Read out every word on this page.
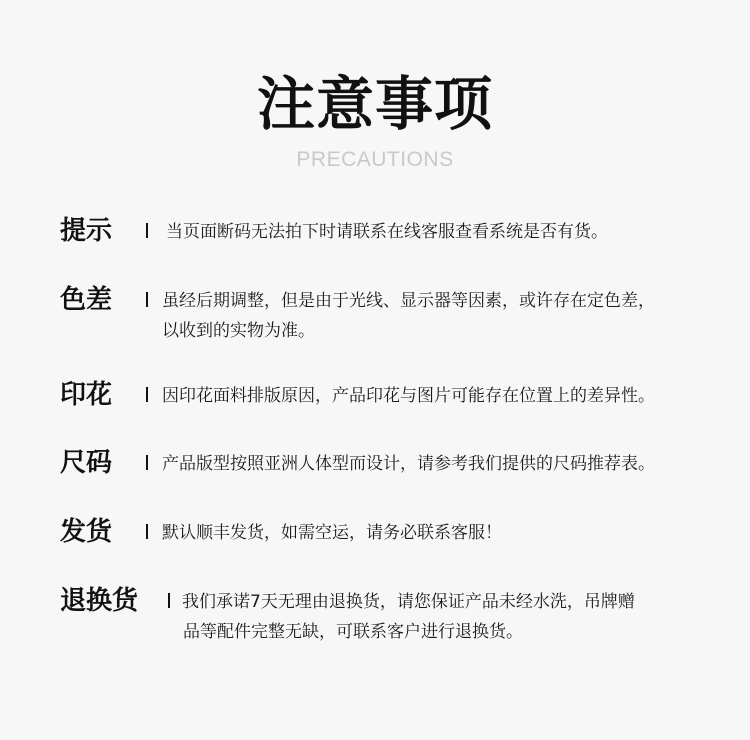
注意事项
PRECAUTIONS
提示	当页面断码无法拍下时请联系在线客服查看系统是否有货。
色差	虽经后期调整，但是由于光线、显示器等因素，或许存在定色差，
以收到的实物为准。
印花	因印花面料排版原因，产品印花与图片可能存在位置上的差异性。
尺码	产品版型按照亚洲人体型而设计，请参考我们提供的尺码推荐表。
发货	默认顺丰发货，如需空运，请务必联系客服！
退换货	我们承诺7天无理由退换货，请您保证产品未经水洗，吊牌赠
品等配件完整无缺，可联系客户进行退换货。
